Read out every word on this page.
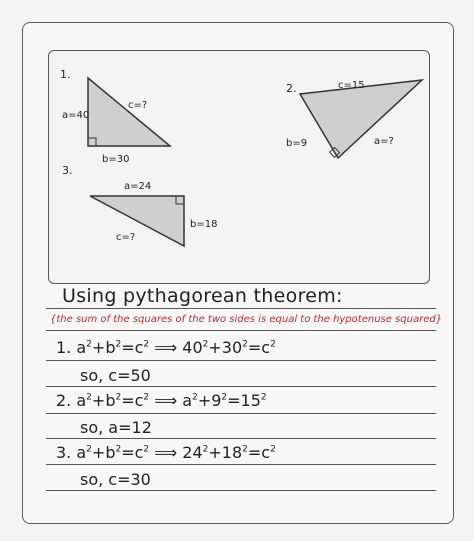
1.
a=40
c=?
b=30
2.	c=15
b=9	a=?
3.
a=24
b=18
c=?
Using pythagorean theorem:
{the sum of the squares of the two sides is equal to the hypotenuse squared}
1. $a^2+b^2=c^2$ ⟹ $40^2+30^2=c^2$
so, c=50
2. $a^2+b^2=c^2$ ⟹ $a^2+9^2=15^2$
so, a=12
3. $a^2+b^2=c^2$ ⟹ $24^2+18^2=c^2$
so, c=30
